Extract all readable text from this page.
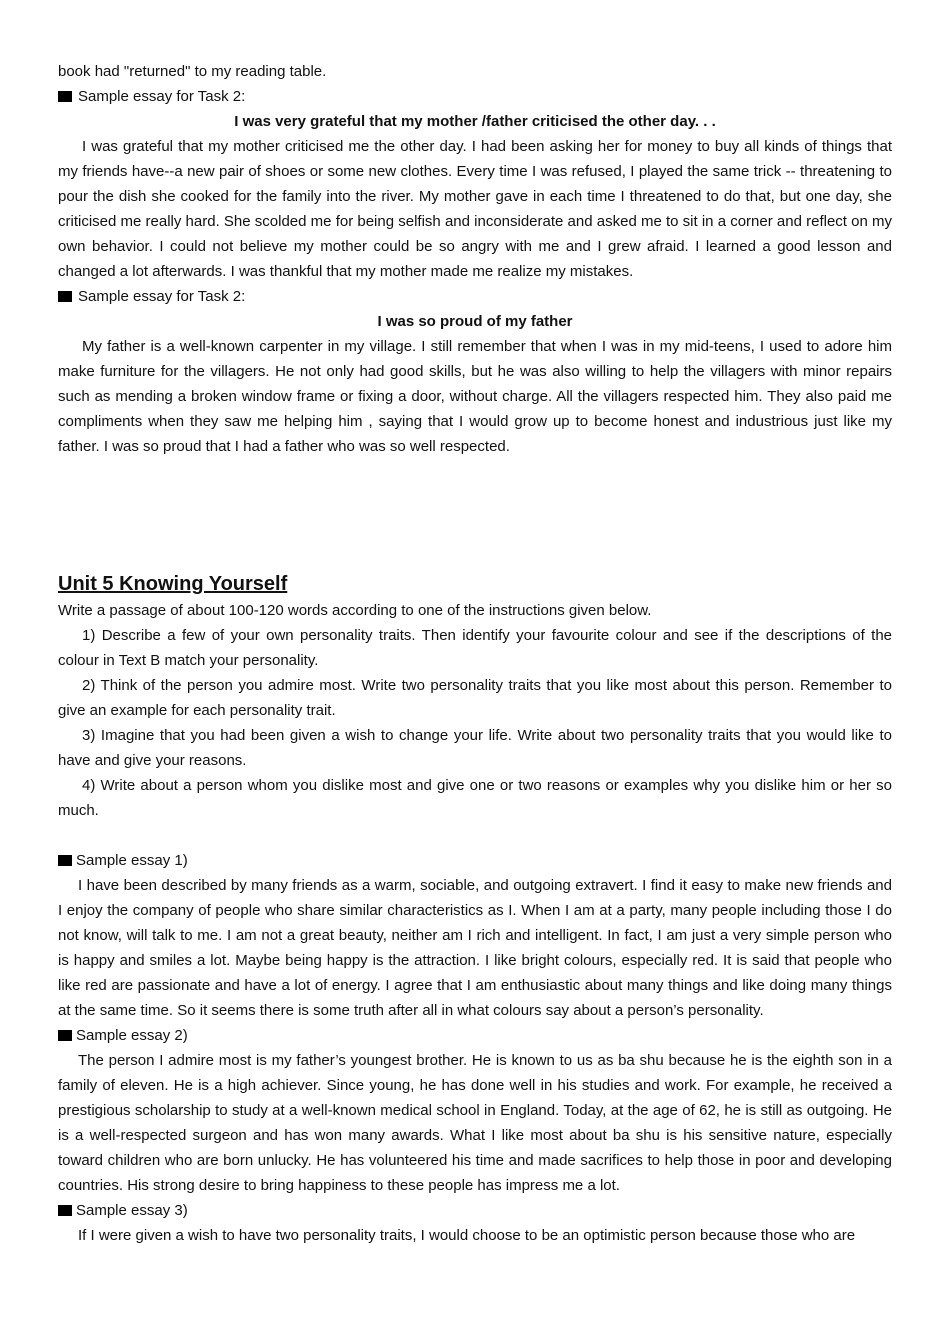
book had "returned" to my reading table.

Sample essay for Task 2:

I was very grateful that my mother /father criticised the other day. . .

I was grateful that my mother criticised me the other day. I had been asking her for money to buy all kinds of things that my friends have--a new pair of shoes or some new clothes. Every time I was refused, I played the same trick -- threatening to pour the dish she cooked for the family into the river. My mother gave in each time I threatened to do that, but one day, she criticised me really hard. She scolded me for being selfish and inconsiderate and asked me to sit in a corner and reflect on my own behavior. I could not believe my mother could be so angry with me and I grew afraid. I learned a good lesson and changed a lot afterwards. I was thankful that my mother made me realize my mistakes.

Sample essay for Task 2:

I was so proud of my father

My father is a well-known carpenter in my village. I still remember that when I was in my mid-teens, I used to adore him make furniture for the villagers. He not only had good skills, but he was also willing to help the villagers with minor repairs such as mending a broken window frame or fixing a door, without charge. All the villagers respected him. They also paid me compliments when they saw me helping him , saying that I would grow up to become honest and industrious just like my father. I was so proud that I had a father who was so well respected.

Unit 5 Knowing Yourself

Write a passage of about 100-120 words according to one of the instructions given below.

1) Describe a few of your own personality traits. Then identify your favourite colour and see if the descriptions of the colour in Text B match your personality.

2) Think of the person you admire most. Write two personality traits that you like most about this person. Remember to give an example for each personality trait.

3) Imagine that you had been given a wish to change your life. Write about two personality traits that you would like to have and give your reasons.

4) Write about a person whom you dislike most and give one or two reasons or examples why you dislike him or her so much.

Sample essay 1)

I have been described by many friends as a warm, sociable, and outgoing extravert. I find it easy to make new friends and I enjoy the company of people who share similar characteristics as I. When I am at a party, many people including those I do not know, will talk to me. I am not a great beauty, neither am I rich and intelligent. In fact, I am just a very simple person who is happy and smiles a lot. Maybe being happy is the attraction. I like bright colours, especially red. It is said that people who like red are passionate and have a lot of energy. I agree that I am enthusiastic about many things and like doing many things at the same time. So it seems there is some truth after all in what colours say about a person’s personality.

Sample essay 2)

The person I admire most is my father’s youngest brother. He is known to us as ba shu because he is the eighth son in a family of eleven. He is a high achiever. Since young, he has done well in his studies and work. For example, he received a prestigious scholarship to study at a well-known medical school in England. Today, at the age of 62, he is still as outgoing. He is a well-respected surgeon and has won many awards. What I like most about ba shu is his sensitive nature, especially toward children who are born unlucky. He has volunteered his time and made sacrifices to help those in poor and developing countries. His strong desire to bring happiness to these people has impress me a lot.

Sample essay 3)

If I were given a wish to have two personality traits, I would choose to be an optimistic person because those who are
